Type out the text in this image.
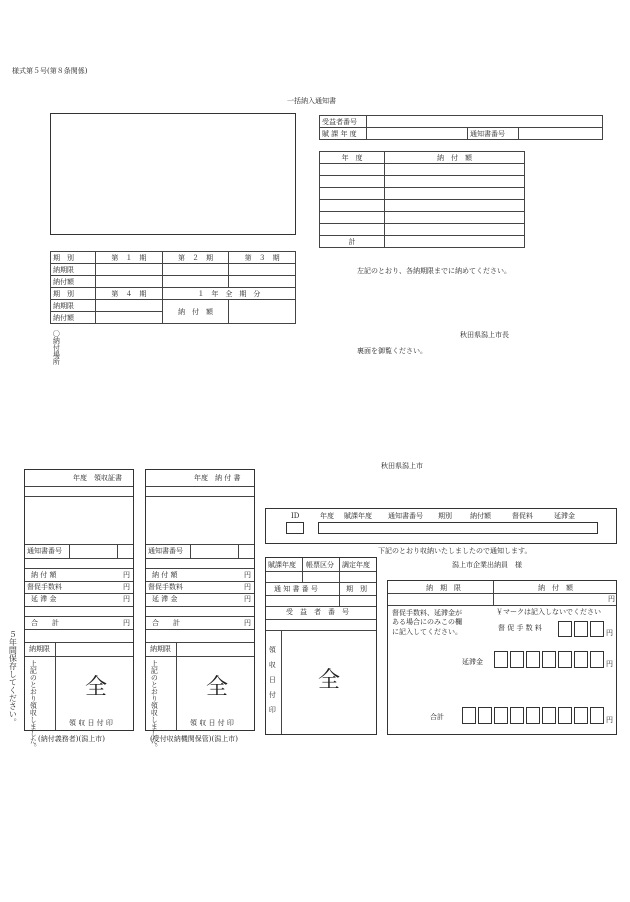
様式第５号(第８条関係)
一括納入通知書
受益者番号			
賦 課 年 度		通知書番号	
年　度	納　付　額

計	
期　別	第　１　期	第　２　期	第　３　期
納期限			
納付額			
期　別	第　４　期	１　年　全　期　分	
納期限		納　付　額	
納付額			
〇納付場所
左記のとおり、各納期限までに納めてください。
秋田県潟上市長
裏面を御覧ください。
秋田県潟上市
年度　領収証書
通知書番号
納 付 額	円
督促手数料	円
延 滞 金	円
合　　計	円
納期限
上記のとおり領収しました。 全
領 収 日 付 印
(納付義務者)(潟上市)
年度　納 付 書
通知書番号
納 付 額	円
督促手数料	円
延 滞 金	円
合　　計	円
納期限
上記のとおり領収しました。 全
領 収 日 付 印
(受付収納機関保管)(潟上市)
５年間保存してください。
ID	年度 賦課年度 通知書番号 期別	納付額	督促料	延滞金
下記のとおり収納いたしましたので通知します。
潟上市企業出納員　様
賦課年度 帳票区分 調定年度
通 知 書 番 号	期　別
受　益　者　番　号
領収日付印 全
納　期　限	納　付　額
円
督促手数料、延滞金が
ある場合にのみこの欄
に記入してください。
￥マークは記入しないでください
督 促 手 数 料
円
延滞金	円
合計	円
